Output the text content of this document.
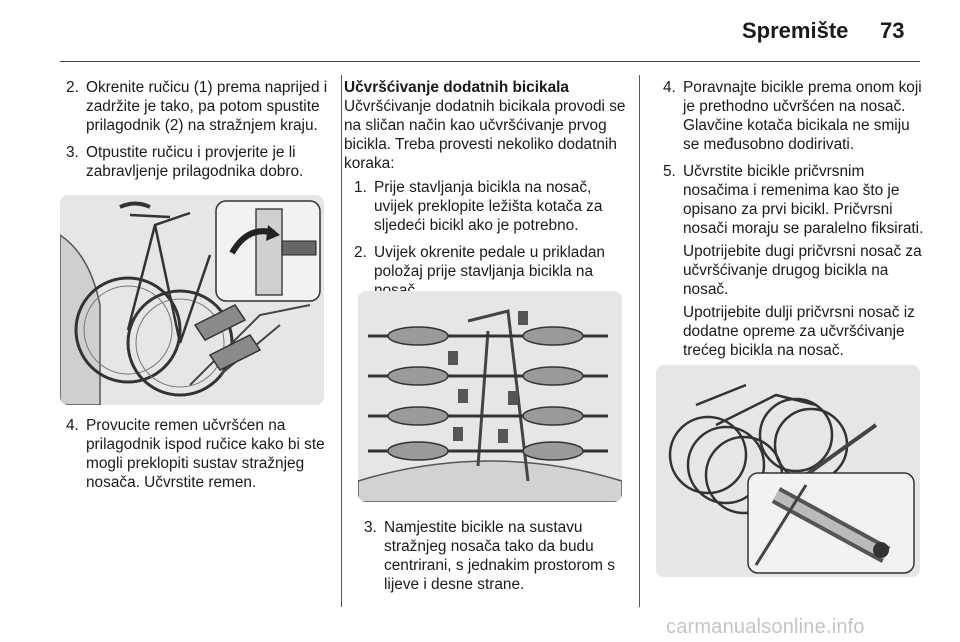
Spremište 73
2. Okrenite ručicu (1) prema naprijed i zadržite je tako, pa potom spustite prilagodnik (2) na stražnjem kraju.
3. Otpustite ručicu i provjerite je li zabravljenje prilagodnika dobro.
4. Provucite remen učvršćen na prilagodnik ispod ručice kako bi ste mogli preklopiti sustav stražnjeg nosača. Učvrstite remen.
Učvršćivanje dodatnih bicikala
Učvršćivanje dodatnih bicikala provodi se na sličan način kao učvršćivanje prvog bicikla. Treba provesti nekoliko dodatnih koraka:
1. Prije stavljanja bicikla na nosač, uvijek preklopite ležišta kotača za sljedeći bicikl ako je potrebno.
2. Uvijek okrenite pedale u prikladan položaj prije stavljanja bicikla na
3. Namjestite bicikle na sustavu stražnjeg nosača tako da budu centrirani, s jednakim prostorom s lijeve i desne strane.
4. Poravnajte bicikle prema onom koji je prethodno učvršćen na nosač. Glavčine kotača bicikala ne smiju se međusobno dodirivati.
5. Učvrstite bicikle pričvrsnim nosačima i remenima kao što je opisano za prvi bicikl. Pričvrsni nosači moraju se paralelno fiksirati.
Upotrijebite dugi pričvrsni nosač za učvršćivanje drugog bicikla na nosač.
Upotrijebite dulji pričvrsni nosač iz dodatne opreme za učvršćivanje trećeg bicikla na nosač.
carmanualsonline.info
